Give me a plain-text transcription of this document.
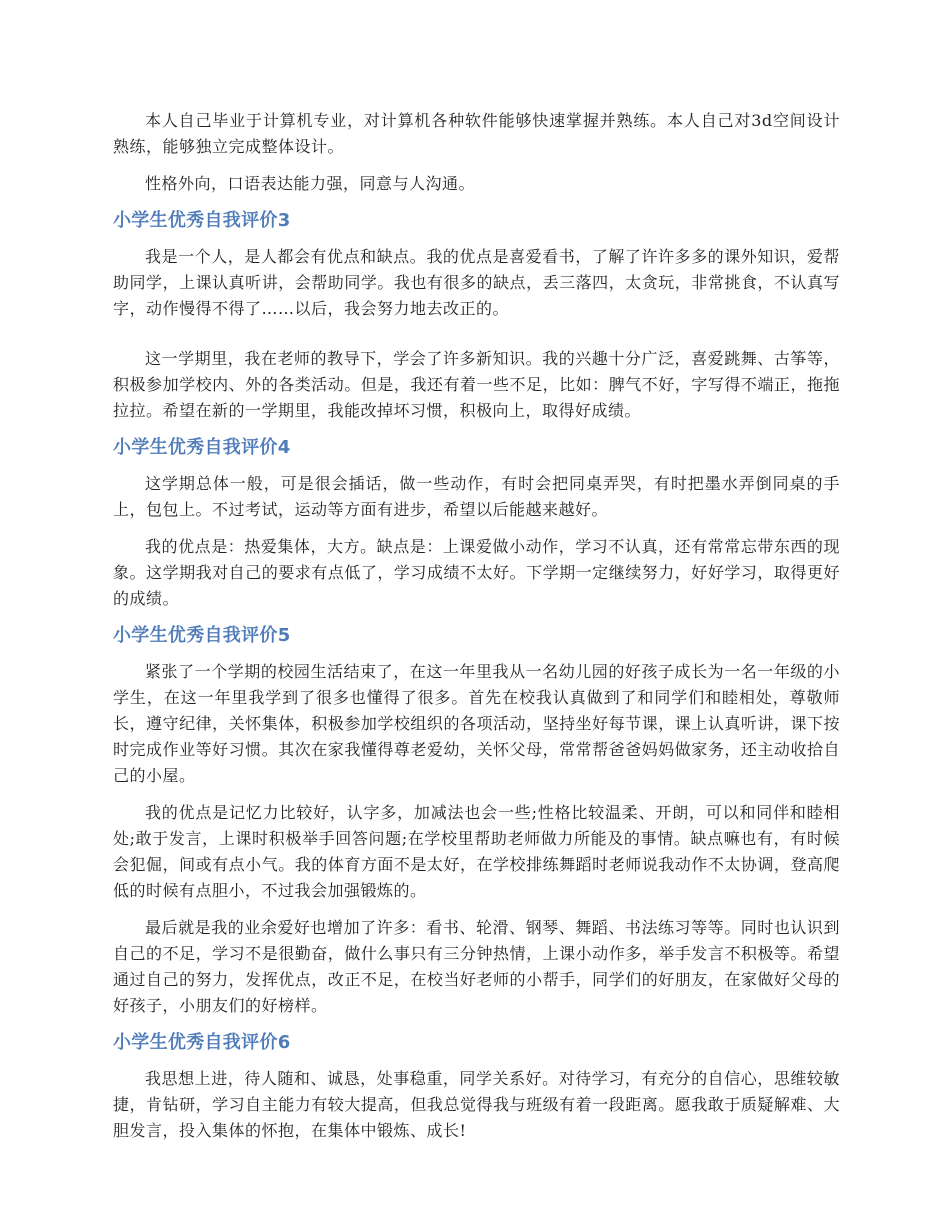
本人自己毕业于计算机专业，对计算机各种软件能够快速掌握并熟练。本人自己对3d空间设计熟练，能够独立完成整体设计。

性格外向，口语表达能力强，同意与人沟通。

小学生优秀自我评价3

我是一个人，是人都会有优点和缺点。我的优点是喜爱看书，了解了许许多多的课外知识，爱帮助同学，上课认真听讲，会帮助同学。我也有很多的缺点，丢三落四，太贪玩，非常挑食，不认真写字，动作慢得不得了……以后，我会努力地去改正的。

这一学期里，我在老师的教导下，学会了许多新知识。我的兴趣十分广泛，喜爱跳舞、古筝等，积极参加学校内、外的各类活动。但是，我还有着一些不足，比如：脾气不好，字写得不端正，拖拖拉拉。希望在新的一学期里，我能改掉坏习惯，积极向上，取得好成绩。

小学生优秀自我评价4

这学期总体一般，可是很会插话，做一些动作，有时会把同桌弄哭，有时把墨水弄倒同桌的手上，包包上。不过考试，运动等方面有进步，希望以后能越来越好。

我的优点是：热爱集体，大方。缺点是：上课爱做小动作，学习不认真，还有常常忘带东西的现象。这学期我对自己的要求有点低了，学习成绩不太好。下学期一定继续努力，好好学习，取得更好的成绩。

小学生优秀自我评价5

紧张了一个学期的校园生活结束了，在这一年里我从一名幼儿园的好孩子成长为一名一年级的小学生，在这一年里我学到了很多也懂得了很多。首先在校我认真做到了和同学们和睦相处，尊敬师长，遵守纪律，关怀集体，积极参加学校组织的各项活动，坚持坐好每节课，课上认真听讲，课下按时完成作业等好习惯。其次在家我懂得尊老爱幼，关怀父母，常常帮爸爸妈妈做家务，还主动收拾自己的小屋。

我的优点是记忆力比较好，认字多，加减法也会一些;性格比较温柔、开朗，可以和同伴和睦相处;敢于发言，上课时积极举手回答问题;在学校里帮助老师做力所能及的事情。缺点嘛也有，有时候会犯倔，间或有点小气。我的体育方面不是太好，在学校排练舞蹈时老师说我动作不太协调，登高爬低的时候有点胆小，不过我会加强锻炼的。

最后就是我的业余爱好也增加了许多：看书、轮滑、钢琴、舞蹈、书法练习等等。同时也认识到自己的不足，学习不是很勤奋，做什么事只有三分钟热情，上课小动作多，举手发言不积极等。希望通过自己的努力，发挥优点，改正不足，在校当好老师的小帮手，同学们的好朋友，在家做好父母的好孩子，小朋友们的好榜样。

小学生优秀自我评价6

我思想上进，待人随和、诚恳，处事稳重，同学关系好。对待学习，有充分的自信心，思维较敏捷，肯钻研，学习自主能力有较大提高，但我总觉得我与班级有着一段距离。愿我敢于质疑解难、大胆发言，投入集体的怀抱，在集体中锻炼、成长!
